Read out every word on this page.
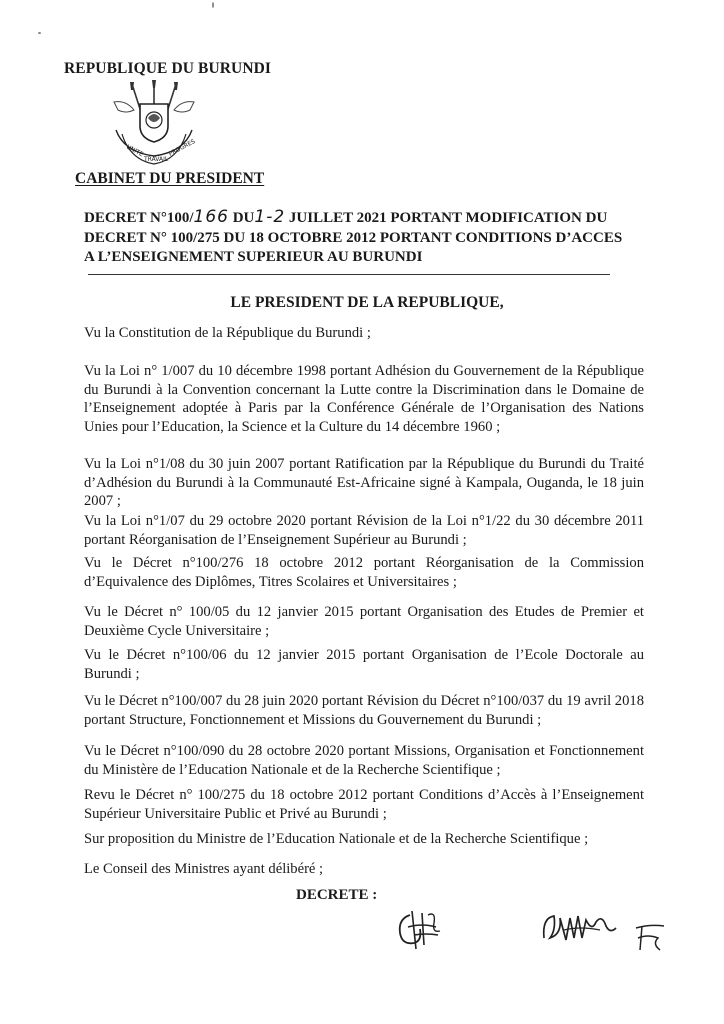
REPUBLIQUE DU BURUNDI
UNITE
TRAVAIL
PROGRES
CABINET DU PRESIDENT
DECRET N°100/166 DU1-2 JUILLET 2021 PORTANT MODIFICATION DU
DECRET N° 100/275 DU 18 OCTOBRE 2012 PORTANT CONDITIONS D’ACCES
A L’ENSEIGNEMENT SUPERIEUR AU BURUNDI
LE PRESIDENT DE LA REPUBLIQUE,
Vu la Constitution de la République du Burundi ;
Vu la Loi n° 1/007 du 10 décembre 1998 portant Adhésion du Gouvernement de la République du Burundi à la Convention concernant la Lutte contre la Discrimination dans le Domaine de l’Enseignement adoptée à Paris par la Conférence Générale de l’Organisation des Nations Unies pour l’Education, la Science et la Culture du 14 décembre 1960 ;
Vu la Loi n°1/08 du 30 juin 2007 portant Ratification par la République du Burundi du Traité d’Adhésion du Burundi à la Communauté Est-Africaine signé à Kampala, Ouganda, le 18 juin 2007 ;
Vu la Loi n°1/07 du 29 octobre 2020 portant Révision de la Loi n°1/22 du 30 décembre 2011 portant Réorganisation de l’Enseignement Supérieur au Burundi ;
Vu le Décret n°100/276 18 octobre 2012 portant Réorganisation de la Commission d’Equivalence des Diplômes, Titres Scolaires et Universitaires ;
Vu le Décret n° 100/05 du 12 janvier 2015 portant Organisation des Etudes de Premier et Deuxième Cycle Universitaire ;
Vu le Décret n°100/06 du 12 janvier 2015 portant Organisation de l’Ecole Doctorale au Burundi ;
Vu le Décret n°100/007 du 28 juin 2020 portant Révision du Décret n°100/037 du 19 avril 2018 portant Structure, Fonctionnement et Missions du Gouvernement du Burundi ;
Vu le Décret n°100/090 du 28 octobre 2020 portant Missions, Organisation et Fonctionnement du Ministère de l’Education Nationale et de la Recherche Scientifique ;
Revu le Décret n° 100/275 du 18 octobre 2012 portant Conditions d’Accès à l’Enseignement Supérieur Universitaire Public et Privé au Burundi ;
Sur proposition du Ministre de l’Education Nationale et de la Recherche Scientifique ;
Le Conseil des Ministres ayant délibéré ;
DECRETE :
